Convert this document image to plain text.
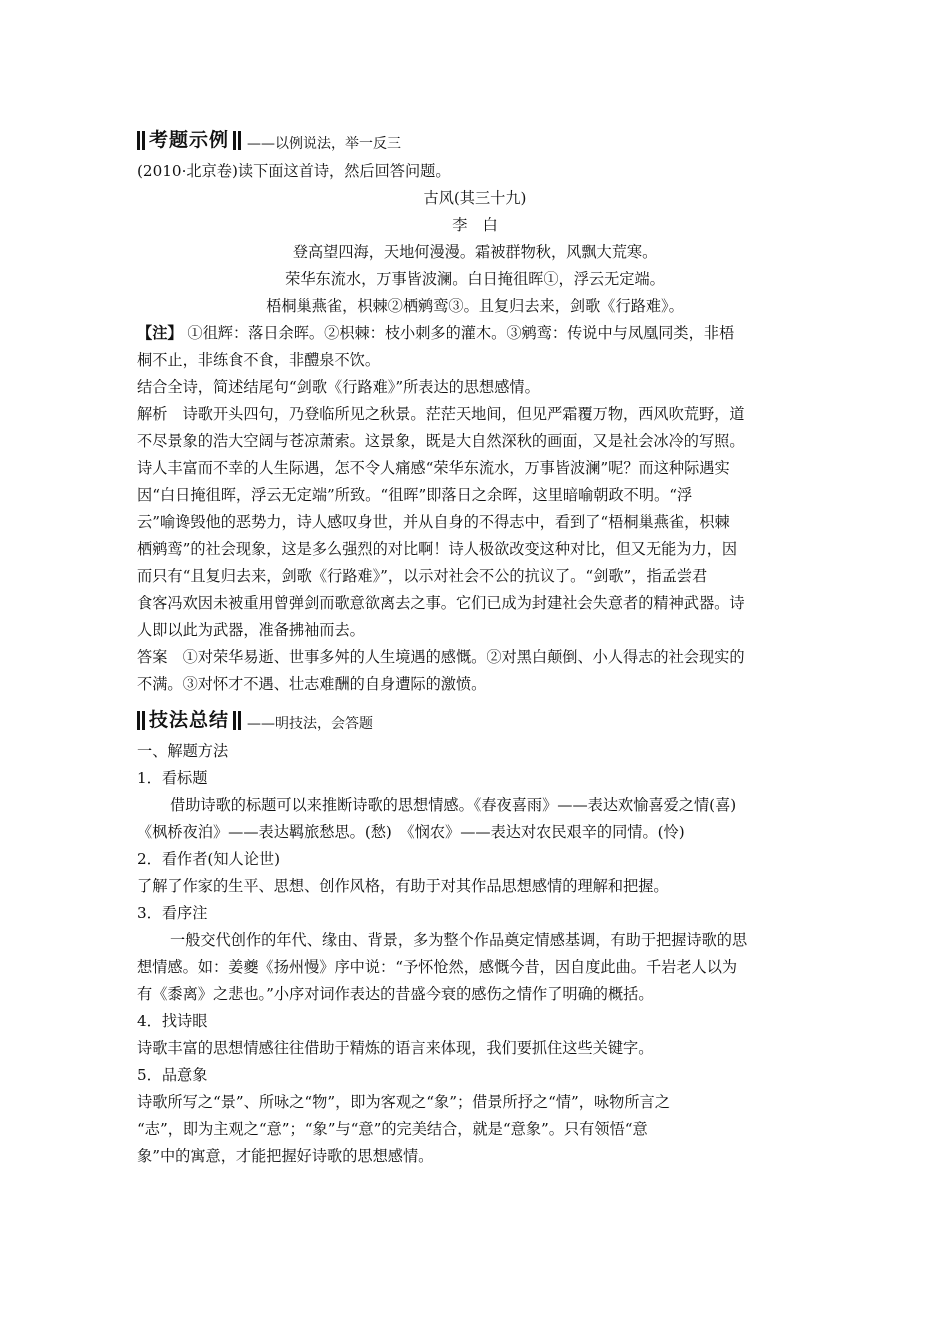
考题示例 ——以例说法，举一反三
(2010·北京卷)读下面这首诗，然后回答问题。
古风(其三十九)
李　白
登高望四海，天地何漫漫。霜被群物秋，风飘大荒寒。
荣华东流水，万事皆波澜。白日掩徂晖①，浮云无定端。
梧桐巢燕雀，枳棘②栖鹓鸾③。且复归去来，剑歌《行路难》。
【注】 ①徂辉：落日余晖。②枳棘：枝小刺多的灌木。③鹓鸾：传说中与凤凰同类，非梧
桐不止，非练食不食，非醴泉不饮。
结合全诗，简述结尾句“剑歌《行路难》”所表达的思想感情。
解析　诗歌开头四句，乃登临所见之秋景。茫茫天地间，但见严霜覆万物，西风吹荒野，道
不尽景象的浩大空阔与苍凉萧索。这景象，既是大自然深秋的画面，又是社会冰冷的写照。
诗人丰富而不幸的人生际遇，怎不令人痛感“荣华东流水，万事皆波澜”呢？而这种际遇实
因“白日掩徂晖，浮云无定端”所致。“徂晖”即落日之余晖，这里暗喻朝政不明。“浮
云”喻谗毁他的恶势力，诗人感叹身世，并从自身的不得志中，看到了“梧桐巢燕雀，枳棘
栖鹓鸾”的社会现象，这是多么强烈的对比啊！诗人极欲改变这种对比，但又无能为力，因
而只有“且复归去来，剑歌《行路难》”，以示对社会不公的抗议了。“剑歌”，指孟尝君
食客冯欢因未被重用曾弹剑而歌意欲离去之事。它们已成为封建社会失意者的精神武器。诗
人即以此为武器，准备拂袖而去。
答案　①对荣华易逝、世事多舛的人生境遇的感慨。②对黑白颠倒、小人得志的社会现实的
不满。③对怀才不遇、壮志难酬的自身遭际的激愤。
技法总结 ——明技法，会答题
一、解题方法
1．看标题
借助诗歌的标题可以来推断诗歌的思想情感。《春夜喜雨》——表达欢愉喜爱之情(喜)
《枫桥夜泊》——表达羁旅愁思。(愁)　《悯农》——表达对农民艰辛的同情。(怜)
2．看作者(知人论世)
了解了作家的生平、思想、创作风格，有助于对其作品思想感情的理解和把握。
3．看序注
一般交代创作的年代、缘由、背景，多为整个作品奠定情感基调，有助于把握诗歌的思
想情感。如：姜夔《扬州慢》序中说：“予怀怆然，感慨今昔，因自度此曲。千岩老人以为
有《黍离》之悲也。”小序对词作表达的昔盛今衰的感伤之情作了明确的概括。
4．找诗眼
诗歌丰富的思想情感往往借助于精炼的语言来体现，我们要抓住这些关键字。
5．品意象
诗歌所写之“景”、所咏之“物”，即为客观之“象”；借景所抒之“情”，咏物所言之
“志”，即为主观之“意”；“象”与“意”的完美结合，就是“意象”。只有领悟“意
象”中的寓意，才能把握好诗歌的思想感情。
